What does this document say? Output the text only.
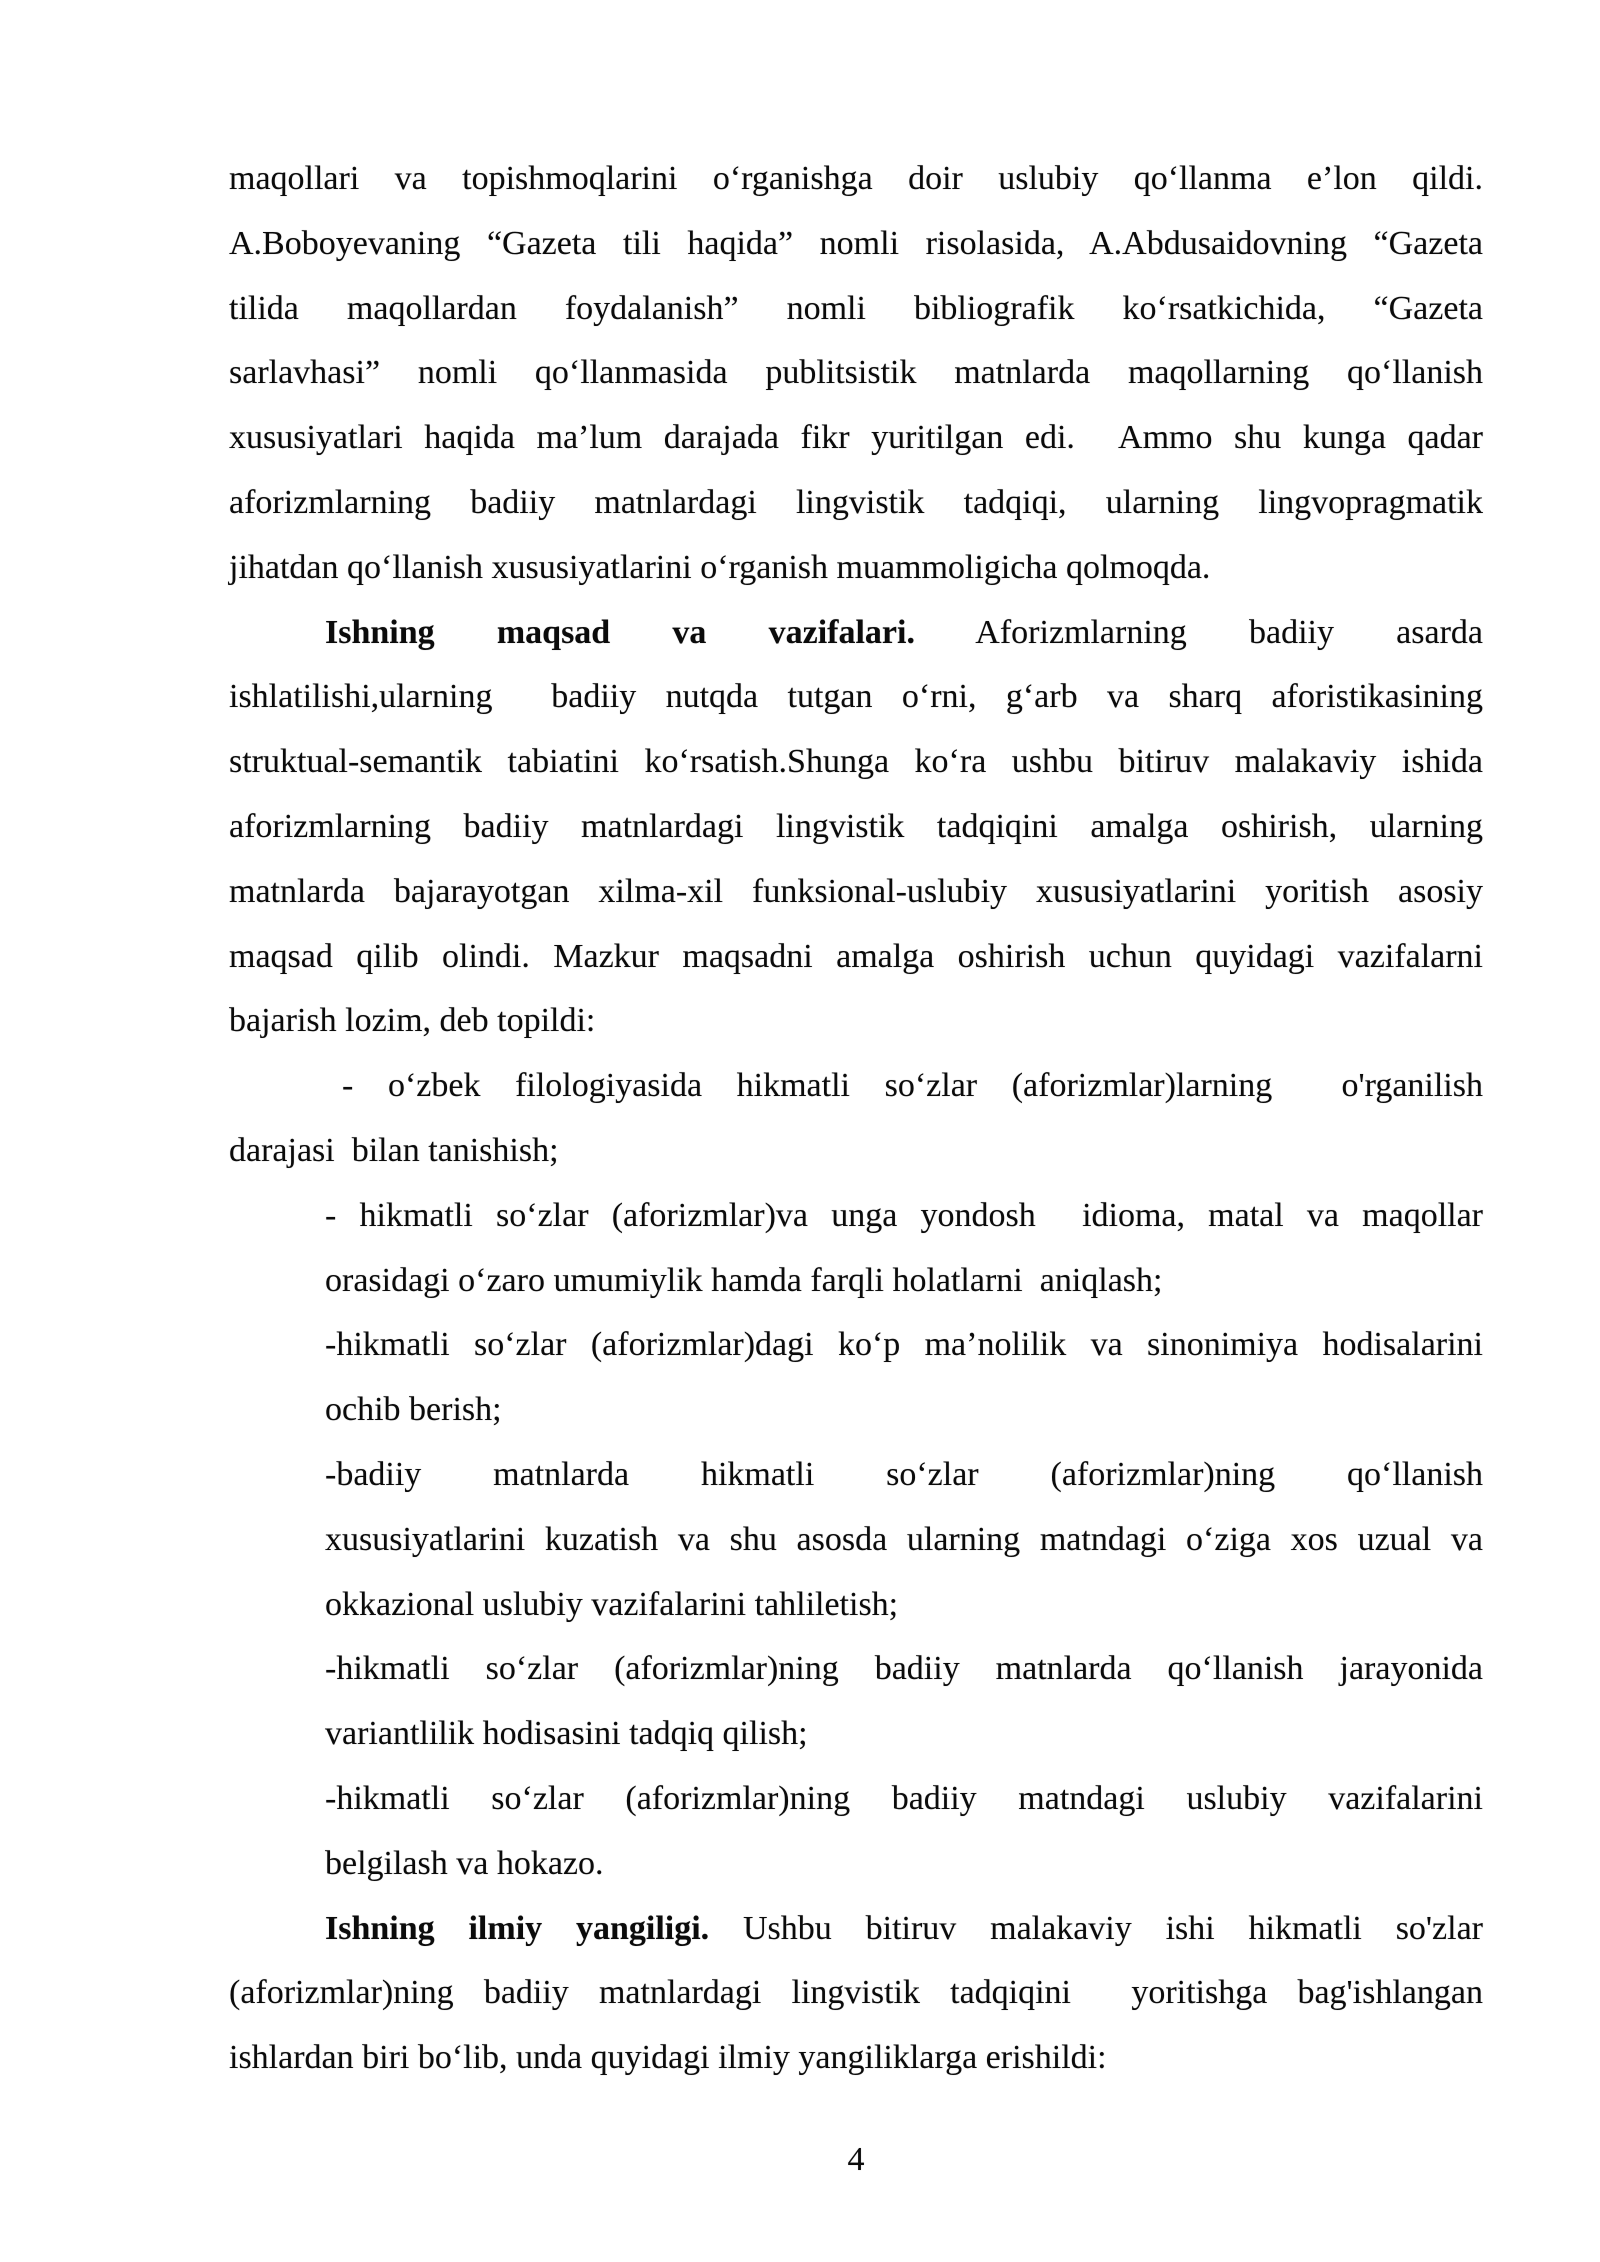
maqollari va topishmoqlarini o‘rganishga doir uslubiy qo‘llanma e’lon qildi.
A.Boboyevaning “Gazeta tili haqida” nomli risolasida, A.Abdusaidovning “Gazeta
tilida maqollardan foydalanish” nomli bibliografik ko‘rsatkichida, “Gazeta
sarlavhasi” nomli qo‘llanmasida publitsistik matnlarda maqollarning qo‘llanish
xususiyatlari haqida ma’lum darajada fikr yuritilgan edi.  Ammo shu kunga qadar
aforizmlarning badiiy matnlardagi lingvistik tadqiqi, ularning lingvopragmatik
jihatdan qo‘llanish xususiyatlarini o‘rganish muammoligicha qolmoqda.
Ishning maqsad va vazifalari. Aforizmlarning badiiy asarda
ishlatilishi,ularning  badiiy nutqda tutgan o‘rni, g‘arb va sharq aforistikasining
struktual-semantik tabiatini ko‘rsatish.Shunga ko‘ra ushbu bitiruv malakaviy ishida
aforizmlarning badiiy matnlardagi lingvistik tadqiqini amalga oshirish, ularning
matnlarda bajarayotgan xilma-xil funksional-uslubiy xususiyatlarini yoritish asosiy
maqsad qilib olindi. Mazkur maqsadni amalga oshirish uchun quyidagi vazifalarni
bajarish lozim, deb topildi:
- o‘zbek filologiyasida hikmatli so‘zlar (aforizmlar)larning  o'rganilish
darajasi  bilan tanishish;
- hikmatli so‘zlar (aforizmlar)va unga yondosh  idioma, matal va maqollar
orasidagi o‘zaro umumiylik hamda farqli holatlarni  aniqlash;
-hikmatli so‘zlar (aforizmlar)dagi ko‘p ma’nolilik va sinonimiya hodisalarini
ochib berish;
-badiiy matnlarda hikmatli so‘zlar (aforizmlar)ning qo‘llanish
xususiyatlarini kuzatish va shu asosda ularning matndagi o‘ziga xos uzual va
okkazional uslubiy vazifalarini tahliletish;
-hikmatli so‘zlar (aforizmlar)ning badiiy matnlarda qo‘llanish jarayonida
variantlilik hodisasini tadqiq qilish;
-hikmatli so‘zlar (aforizmlar)ning badiiy matndagi uslubiy vazifalarini
belgilash va hokazo.
Ishning ilmiy yangiligi. Ushbu bitiruv malakaviy ishi hikmatli so'zlar
(aforizmlar)ning badiiy matnlardagi lingvistik tadqiqini  yoritishga bag'ishlangan
ishlardan biri bo‘lib, unda quyidagi ilmiy yangiliklarga erishildi:
4
